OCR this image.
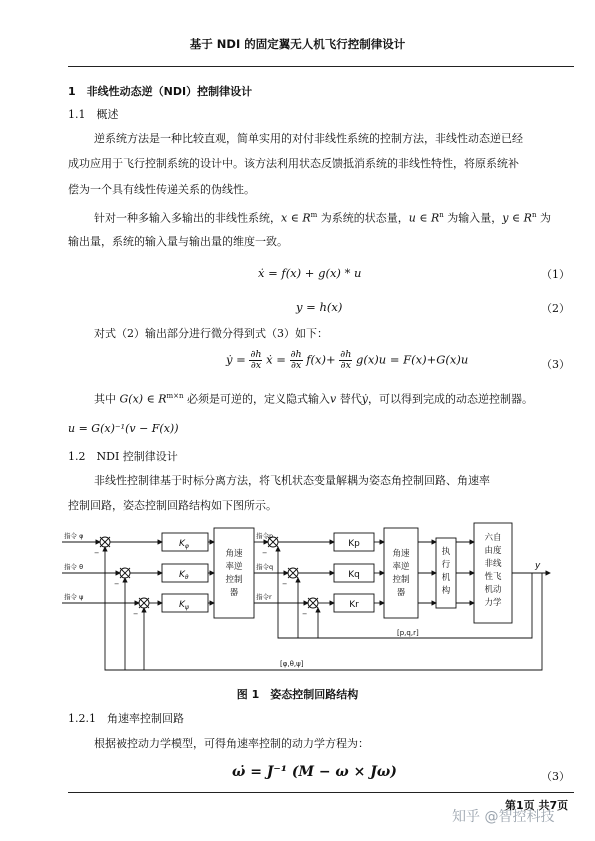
基于 NDI 的固定翼无人机飞行控制律设计
1　非线性动态逆（NDI）控制律设计
1.1　概述
逆系统方法是一种比较直观，简单实用的对付非线性系统的控制方法，非线性动态逆已经
成功应用于飞行控制系统的设计中。该方法利用状态反馈抵消系统的非线性特性，将原系统补
偿为一个具有线性传递关系的伪线性。
针对一种多输入多输出的非线性系统，x ∈ $R^m$ 为系统的状态量，u ∈ $R^n$ 为输入量，y ∈ $R^n$ 为
输出量，系统的输入量与输出量的维度一致。
ẋ = f(x) + g(x) * u	（1）
y = h(x)	（2）
对式（2）输出部分进行微分得到式（3）如下：
ẏ = $\frac{\partial h}{\partial x}$ ẋ = $\frac{\partial h}{\partial x} f(x)+ \frac{\partial h}{\partial x} g(x)u = F(x)+G(x)u$	（3）
其中 G(x) ∈ $R^{m\times n}$ 必须是可逆的，定义隐式输入v 替代ẏ，可以得到完成的动态逆控制器。
u = G(x)⁻¹(v − F(x))
1.2　NDI 控制律设计
非线性控制律基于时标分离方法，将飞机状态变量解耦为姿态角控制回路、角速率
控制回路，姿态控制回路结构如下图所示。
指令 φ
指令 θ
指令 ψ
指令p
指令q
指令r
−
−
−
−
−
−
$K_\varphi$
$K_\theta$
$K_\psi$
Kp
Kq
Kr
角速
率逆
控制
器
角速
率逆
控制
器
执
行
机
构
六自
由度
非线
性飞
机动
力学
y
[p,q,r]
[φ,θ,ψ]
图 1　姿态控制回路结构
1.2.1　角速率控制回路
根据被控动力学模型，可得角速率控制的动力学方程为：
ω̇ = J⁻¹ (M − ω × Jω)	（3）
第1页 共7页
知乎 @智控科技
